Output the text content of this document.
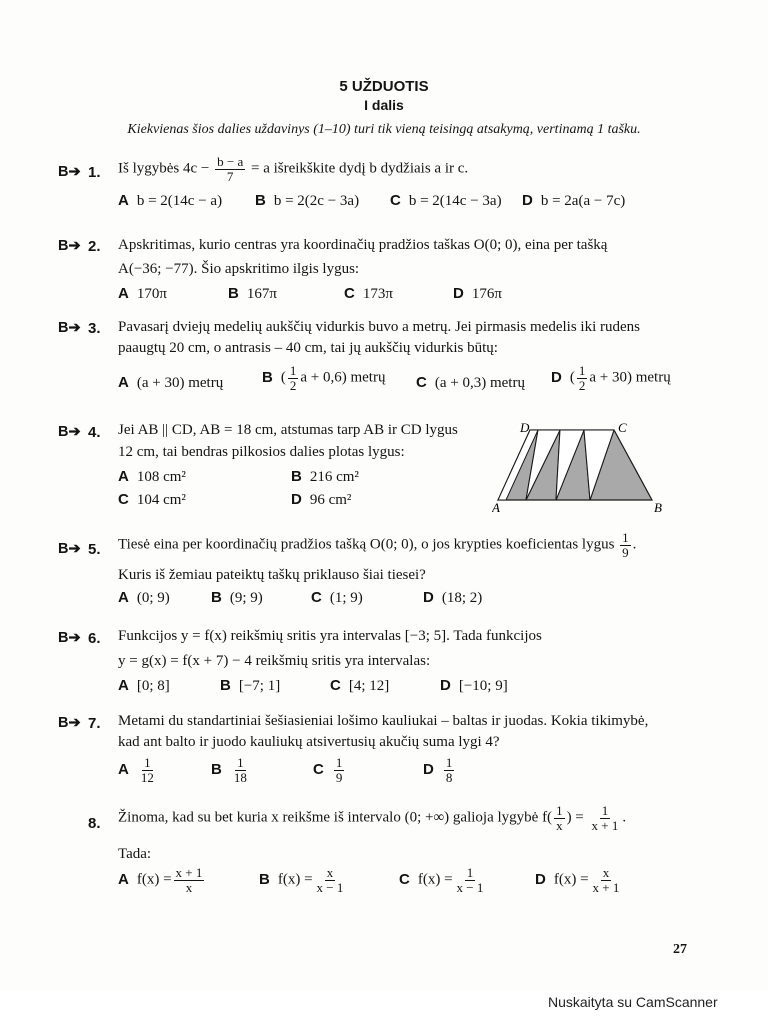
5 UŽDUOTIS
I dalis
Kiekvienas šios dalies uždavinys (1–10) turi tik vieną teisingą atsakymą, vertinamą 1 tašku.
B➔ 1. Iš lygybės $4c - \frac{b - a}{7} = a$ išreikškite dydį b dydžiais a ir c.
A b = 2(14c − a) B b = 2(2c − 3a) C b = 2(14c − 3a) D b = 2a(a − 7c)
B➔ 2. Apskritimas, kurio centras yra koordinačių pradžios taškas O(0; 0), eina per tašką
A(−36; −77). Šio apskritimo ilgis lygus:
A 170π	B 167π	C 173π	D 176π
B➔ 3. Pavasarį dviejų medelių aukščių vidurkis buvo a metrų. Jei pirmasis medelis iki rudens
paaugtų 20 cm, o antrasis – 40 cm, tai jų aukščių vidurkis būtų:
A (a + 30) metrų	B ( $\frac{1}{2}$ a + 0,6) metrų C (a + 0,3) metrų D ( $\frac{1}{2}$ a + 30) metrų
B➔ 4. Jei AB || CD, AB = 18 cm, atstumas tarp AB ir CD lygus
12 cm, tai bendras pilkosios dalies plotas lygus:
A 108 cm²	B 216 cm²
C 104 cm²	D 96 cm²
D	C
A	B
B➔ 5. Tiesė eina per koordinačių pradžios tašką O(0; 0), o jos krypties koeficientas lygus $\frac{1}{9}$ .
Kuris iš žemiau pateiktų taškų priklauso šiai tiesei?
A (0; 9)	B (9; 9)	C (1; 9)	D (18; 2)
B➔ 6. Funkcijos y = f(x) reikšmių sritis yra intervalas [−3; 5]. Tada funkcijos
y = g(x) = f(x + 7) − 4 reikšmių sritis yra intervalas:
A [0; 8]	B [−7; 1]	C [4; 12]	D [−10; 9]
B➔ 7. Metami du standartiniai šešiasieniai lošimo kauliukai – baltas ir juodas. Kokia tikimybė,
kad ant balto ir juodo kauliukų atsivertusių akučių suma lygi 4?
A $\frac{1}{12}$	B $\frac{1}{18}$	C $\frac{1}{9}$	D $\frac{1}{8}$
8. Žinoma, kad su bet kuria x reikšme iš intervalo (0; +∞) galioja lygybė $f( \frac{1}{x}$ ) = $\frac{1}{x + 1}$ .
Tada:
A $f(x) = \frac{x + 1}{x}$	B $f(x) = \frac{x}{x - 1}$	C $f(x) = \frac{1}{x - 1}$	D $f(x) = \frac{x}{x + 1}$
27
Nuskaityta su CamScanner
